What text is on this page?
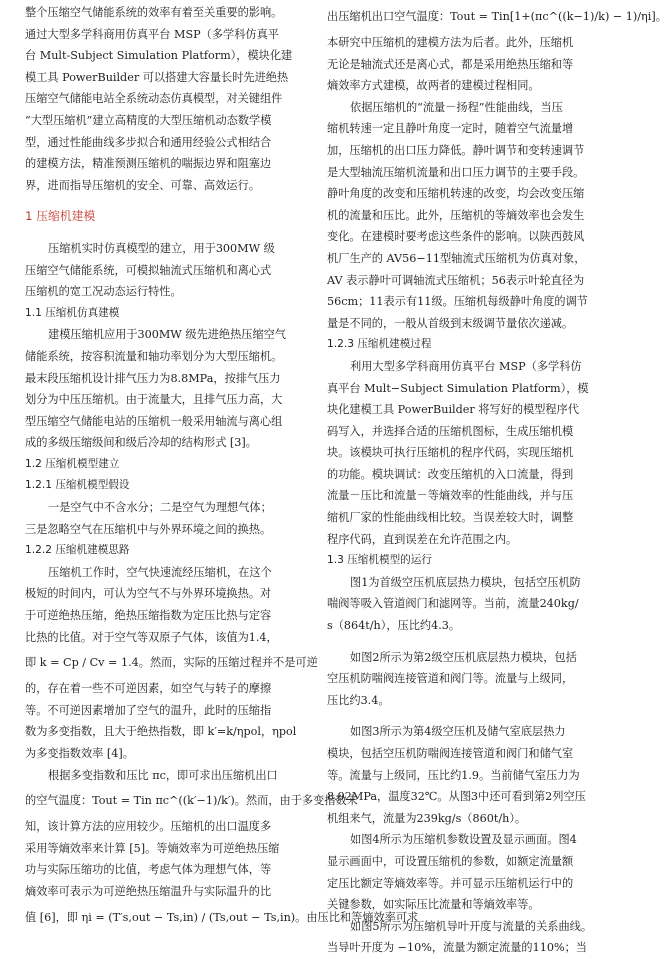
整个压缩空气储能系统的效率有着至关重要的影响。
通过大型多学科商用仿真平台 MSP（多学科仿真平
台 Mult-Subject Simulation Platform），模块化建
模工具 PowerBuilder 可以搭建大容量长时先进绝热
压缩空气储能电站全系统动态仿真模型，对关键组件
“大型压缩机”建立高精度的大型压缩机动态数学模
型，通过性能曲线多步拟合和通用经验公式相结合
的建模方法，精准预测压缩机的喘振边界和阻塞边
界，进而指导压缩机的安全、可靠、高效运行。
1 压缩机建模
压缩机实时仿真模型的建立，用于300MW 级
压缩空气储能系统，可模拟轴流式压缩机和离心式
压缩机的宽工况动态运行特性。
1.1 压缩机仿真建模
建模压缩机应用于300MW 级先进绝热压缩空气
储能系统，按容积流量和轴功率划分为大型压缩机。
最末段压缩机设计排气压力为8.8MPa，按排气压力
划分为中压压缩机。由于流量大，且排气压力高，大
型压缩空气储能电站的压缩机一般采用轴流与离心组
成的多级压缩级间和级后冷却的结构形式 [3]。
1.2 压缩机模型建立
1.2.1 压缩机模型假设
一是空气中不含水分；二是空气为理想气体；
三是忽略空气在压缩机中与外界环境之间的换热。
1.2.2 压缩机建模思路
压缩机工作时，空气快速流经压缩机，在这个
极短的时间内，可认为空气不与外界环境换热。对
于可逆绝热压缩，绝热压缩指数为定压比热与定容
比热的比值。对于空气等双原子气体，该值为1.4，
即 k = Cp / Cv = 1.4。然而，实际的压缩过程并不是可逆
的，存在着一些不可逆因素，如空气与转子的摩擦
等。不可逆因素增加了空气的温升，此时的压缩指
数为多变指数，且大于绝热指数，即 k′=k/ηpol，ηpol
为多变指数效率 [4]。
根据多变指数和压比 πc，即可求出压缩机出口
的空气温度：Tout = Tin πc^((k′−1)/k′)。然而，由于多变指数未
知，该计算方法的应用较少。压缩机的出口温度多
采用等熵效率来计算 [5]。等熵效率为可逆绝热压缩
功与实际压缩功的比值，考虑气体为理想气体，等
熵效率可表示为可逆绝热压缩温升与实际温升的比
值 [6]，即 ηi = (T′s,out − Ts,in) / (Ts,out − Ts,in)。由压比和等熵效率可求
出压缩机出口空气温度：Tout = Tin[1+(πc^((k−1)/k) − 1)/ηi]。
本研究中压缩机的建模方法为后者。此外，压缩机
无论是轴流式还是离心式，都是采用绝热压缩和等
熵效率方式建模，故两者的建模过程相同。
依据压缩机的“流量－扬程”性能曲线，当压
缩机转速一定且静叶角度一定时，随着空气流量增
加，压缩机的出口压力降低。静叶调节和变转速调节
是大型轴流压缩机流量和出口压力调节的主要手段。
静叶角度的改变和压缩机转速的改变，均会改变压缩
机的流量和压比。此外，压缩机的等熵效率也会发生
变化。在建模时要考虑这些条件的影响。以陕西鼓风
机厂生产的 AV56−11型轴流式压缩机为仿真对象，
AV 表示静叶可调轴流式压缩机；56表示叶轮直径为
56cm；11表示有11级。压缩机每级静叶角度的调节
量是不同的，一般从首级到末级调节量依次递减。
1.2.3 压缩机建模过程
利用大型多学科商用仿真平台 MSP（多学科仿
真平台 Mult−Subject Simulation Platform），模
块化建模工具 PowerBuilder 将写好的模型程序代
码写入，并选择合适的压缩机图标，生成压缩机模
块。该模块可执行压缩机的程序代码，实现压缩机
的功能。模块调试：改变压缩机的入口流量，得到
流量－压比和流量－等熵效率的性能曲线，并与压
缩机厂家的性能曲线相比较。当误差较大时，调整
程序代码，直到误差在允许范围之内。
1.3 压缩机模型的运行
图1为首级空压机底层热力模块，包括空压机防
喘阀等吸入管道阀门和滤网等。当前，流量240kg/
s（864t/h），压比约4.3。
如图2所示为第2级空压机底层热力模块，包括
空压机防喘阀连接管道和阀门等。流量与上级同，
压比约3.4。
如图3所示为第4级空压机及储气室底层热力
模块，包括空压机防喘阀连接管道和阀门和储气室
等。流量与上级同，压比约1.9。当前储气室压力为
8.92MPa，温度32℃。从图3中还可看到第2列空压
机组来气，流量为239kg/s（860t/h）。
如图4所示为压缩机参数设置及显示画面。图4
显示画面中，可设置压缩机的参数，如额定流量额
定压比额定等熵效率等。并可显示压缩机运行中的
关键参数，如实际压比流量和等熵效率等。
如图5所示为压缩机导叶开度与流量的关系曲线。
当导叶开度为 −10%，流量为额定流量的110%；当
